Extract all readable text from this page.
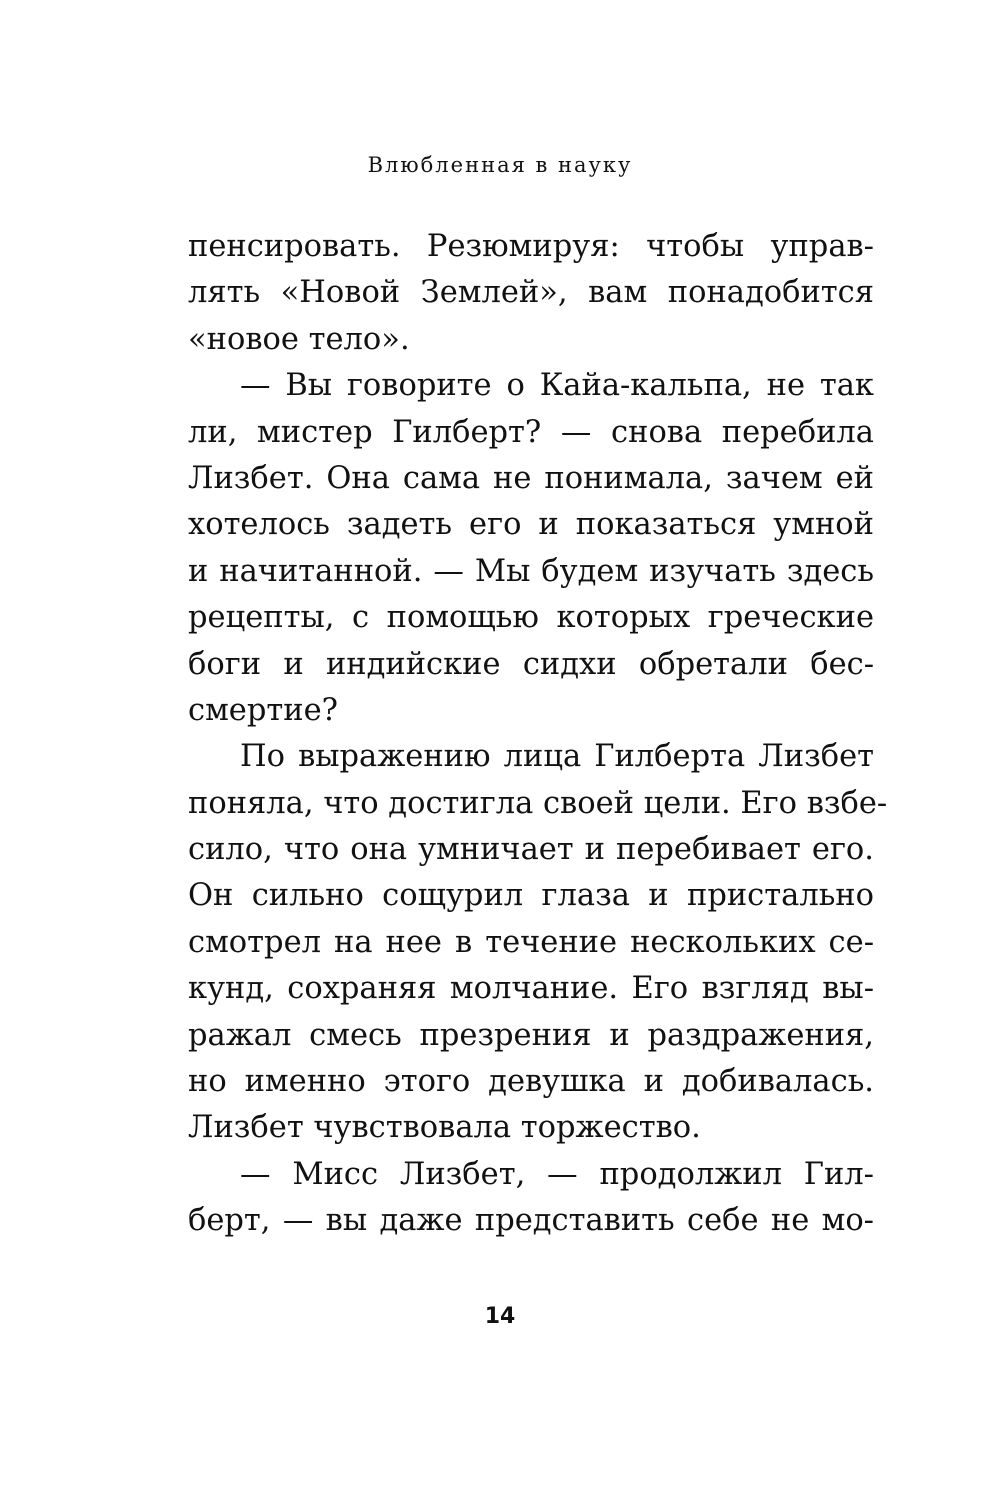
Влюбленная в науку
пенсировать. Резюмируя: чтобы управ-
лять «Новой Землей», вам понадобится
«новое тело».
— Вы говорите о Кайа-кальпа, не так
ли, мистер Гилберт? — снова перебила
Лизбет. Она сама не понимала, зачем ей
хотелось задеть его и показаться умной
и начитанной. — Мы будем изучать здесь
рецепты, с помощью которых греческие
боги и индийские сидхи обретали бес-
смертие?
По выражению лица Гилберта Лизбет
поняла, что достигла своей цели. Его взбе-
сило, что она умничает и перебивает его.
Он сильно сощурил глаза и пристально
смотрел на нее в течение нескольких се-
кунд, сохраняя молчание. Его взгляд вы-
ражал смесь презрения и раздражения,
но именно этого девушка и добивалась.
Лизбет чувствовала торжество.
— Мисс Лизбет, — продолжил Гил-
берт, — вы даже представить себе не мо-
14
